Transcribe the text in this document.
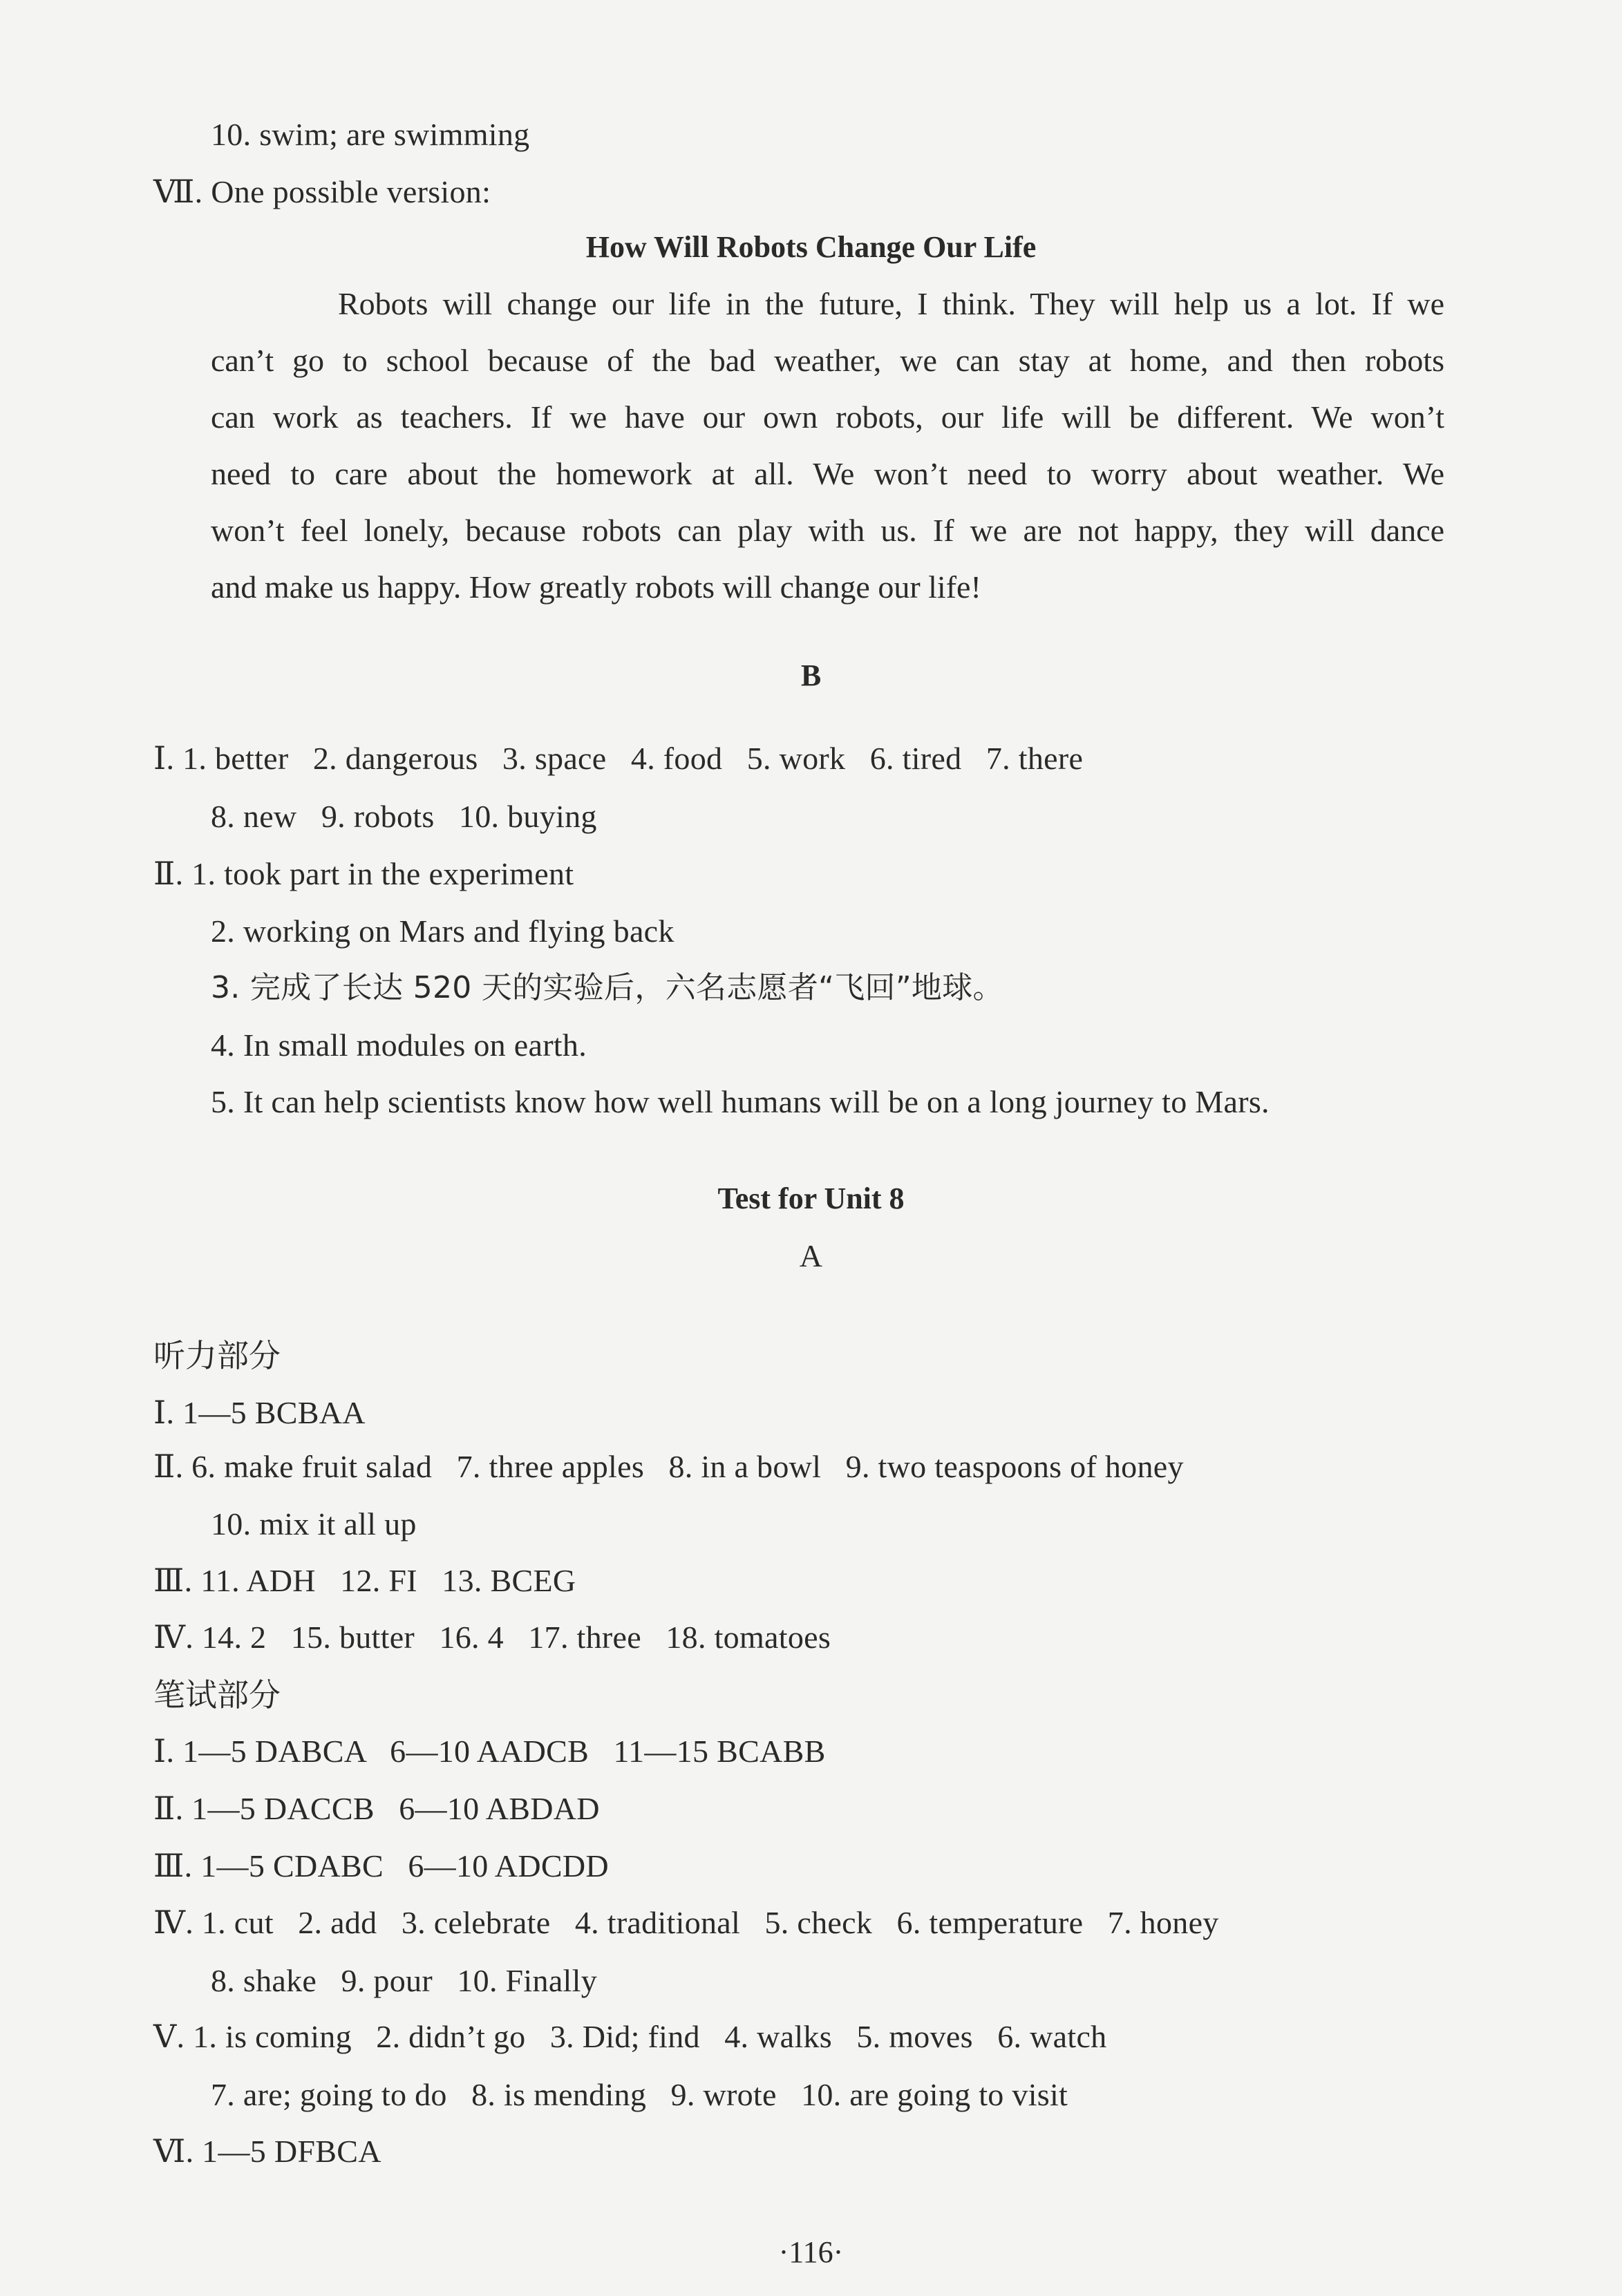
10. swim; are swimming
Ⅶ. One possible version:
How Will Robots Change Our Life
Robots will change our life in the future, I think. They will help us a lot. If we
can’t go to school because of the bad weather, we can stay at home, and then robots
can work as teachers. If we have our own robots, our life will be different. We won’t
need to care about the homework at all. We won’t need to worry about weather. We
won’t feel lonely, because robots can play with us. If we are not happy, they will dance
and make us happy. How greatly robots will change our life!
B
Ⅰ. 1. better   2. dangerous   3. space   4. food   5. work   6. tired   7. there
8. new   9. robots   10. buying
Ⅱ. 1. took part in the experiment
2. working on Mars and flying back
3. 完成了长达 520 天的实验后，六名志愿者“飞回”地球。
4. In small modules on earth.
5. It can help scientists know how well humans will be on a long journey to Mars.
Test for Unit 8
A
听力部分
Ⅰ. 1—5 BCBAA
Ⅱ. 6. make fruit salad   7. three apples   8. in a bowl   9. two teaspoons of honey
10. mix it all up
Ⅲ. 11. ADH   12. FI   13. BCEG
Ⅳ. 14. 2   15. butter   16. 4   17. three   18. tomatoes
笔试部分
Ⅰ. 1—5 DABCA   6—10 AADCB   11—15 BCABB
Ⅱ. 1—5 DACCB   6—10 ABDAD
Ⅲ. 1—5 CDABC   6—10 ADCDD
Ⅳ. 1. cut   2. add   3. celebrate   4. traditional   5. check   6. temperature   7. honey
8. shake   9. pour   10. Finally
Ⅴ. 1. is coming   2. didn’t go   3. Did; find   4. walks   5. moves   6. watch
7. are; going to do   8. is mending   9. wrote   10. are going to visit
Ⅵ. 1—5 DFBCA
·116·
